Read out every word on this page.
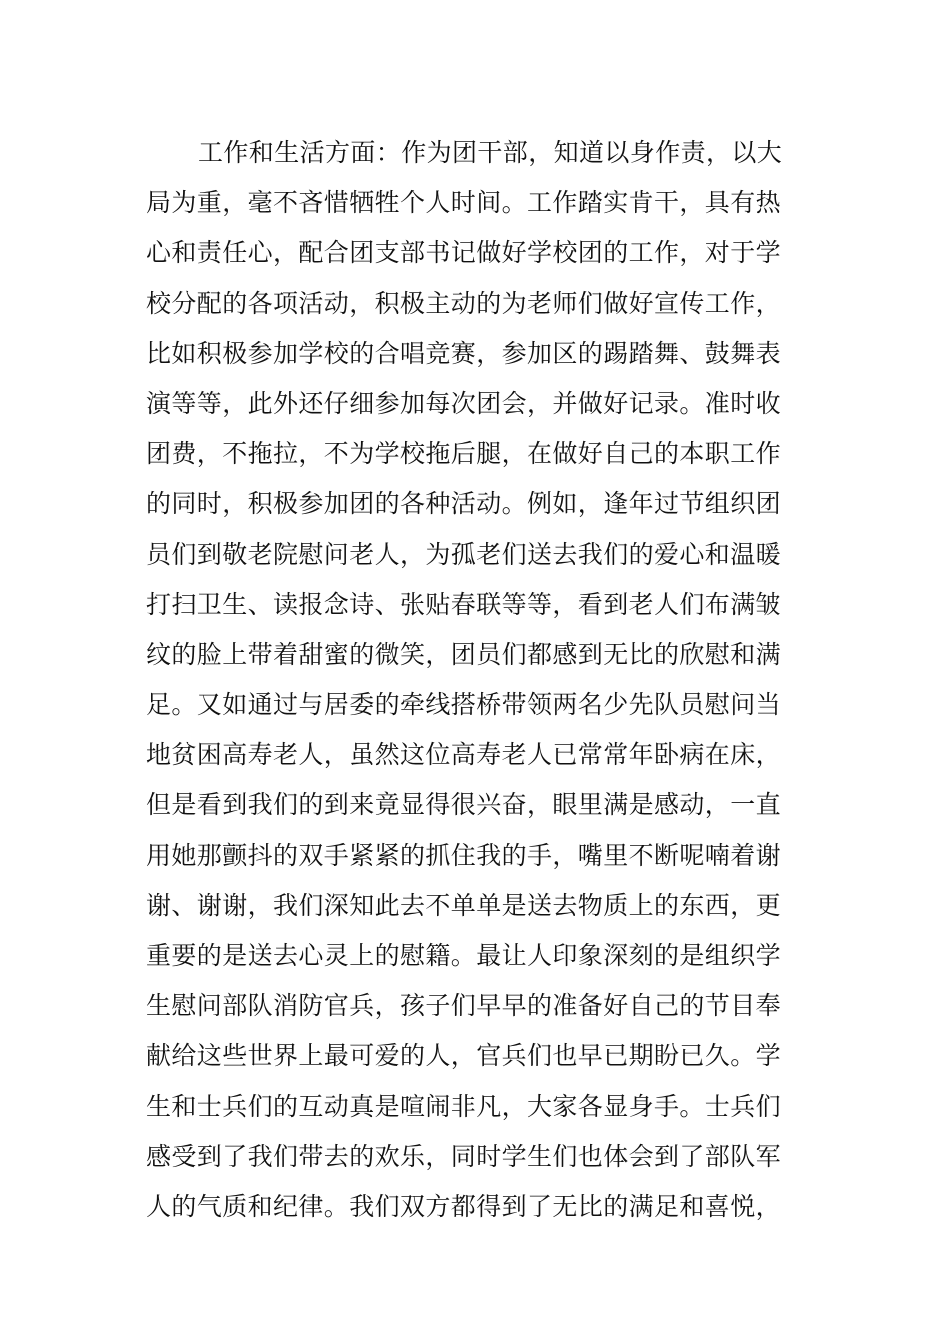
工作和生活方面：作为团干部，知道以身作责，以大
局为重，毫不吝惜牺牲个人时间。工作踏实肯干，具有热
心和责任心，配合团支部书记做好学校团的工作，对于学
校分配的各项活动，积极主动的为老师们做好宣传工作，
比如积极参加学校的合唱竞赛，参加区的踢踏舞、鼓舞表
演等等，此外还仔细参加每次团会，并做好记录。准时收
团费，不拖拉，不为学校拖后腿，在做好自己的本职工作
的同时，积极参加团的各种活动。例如，逢年过节组织团
员们到敬老院慰问老人，为孤老们送去我们的爱心和温暖
打扫卫生、读报念诗、张贴春联等等，看到老人们布满皱
纹的脸上带着甜蜜的微笑，团员们都感到无比的欣慰和满
足。又如通过与居委的牵线搭桥带领两名少先队员慰问当
地贫困高寿老人，虽然这位高寿老人已常常年卧病在床，
但是看到我们的到来竟显得很兴奋，眼里满是感动，一直
用她那颤抖的双手紧紧的抓住我的手，嘴里不断呢喃着谢
谢、谢谢，我们深知此去不单单是送去物质上的东西，更
重要的是送去心灵上的慰籍。最让人印象深刻的是组织学
生慰问部队消防官兵，孩子们早早的准备好自己的节目奉
献给这些世界上最可爱的人，官兵们也早已期盼已久。学
生和士兵们的互动真是喧闹非凡，大家各显身手。士兵们
感受到了我们带去的欢乐，同时学生们也体会到了部队军
人的气质和纪律。我们双方都得到了无比的满足和喜悦，
